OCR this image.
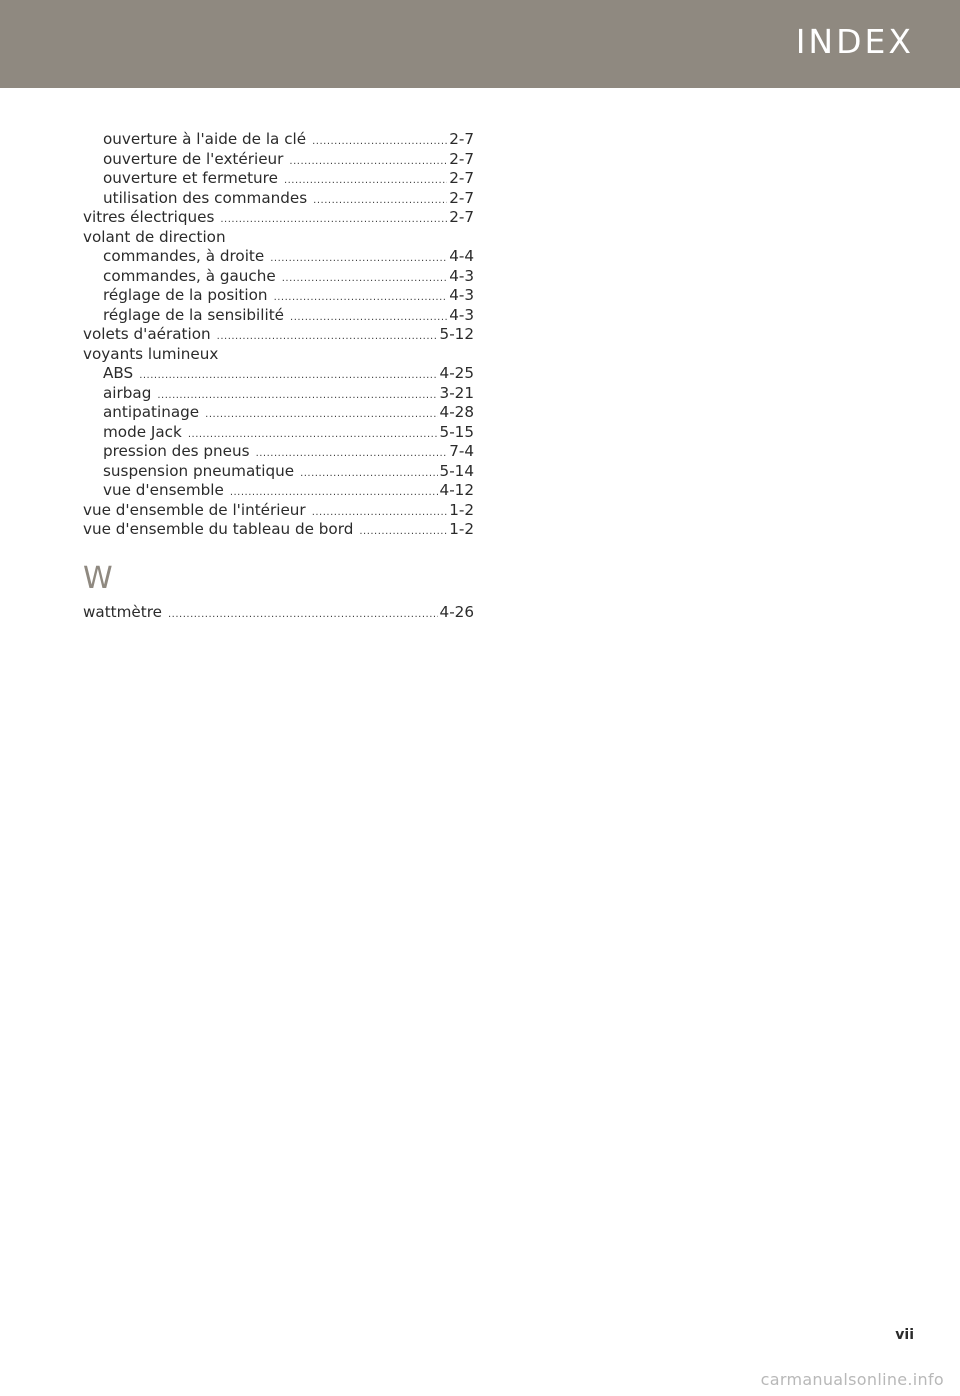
INDEX
ouverture à l'aide de la clé .....	2-7
ouverture de l'extérieur .....	2-7
ouverture et fermeture .....	2-7
utilisation des commandes .....	2-7
vitres électriques .....	2-7
volant de direction
commandes, à droite .....	4-4
commandes, à gauche .....	4-3
réglage de la position .....	4-3
réglage de la sensibilité .....	4-3
volets d'aération .....	5-12
voyants lumineux
ABS .....	4-25
airbag .....	3-21
antipatinage .....	4-28
mode Jack .....	5-15
pression des pneus .....	7-4
suspension pneumatique .....	5-14
vue d'ensemble .....	4-12
vue d'ensemble de l'intérieur .....	1-2
vue d'ensemble du tableau de bord .....	1-2
W
wattmètre .....	4-26
vii
carmanualsonline.info
